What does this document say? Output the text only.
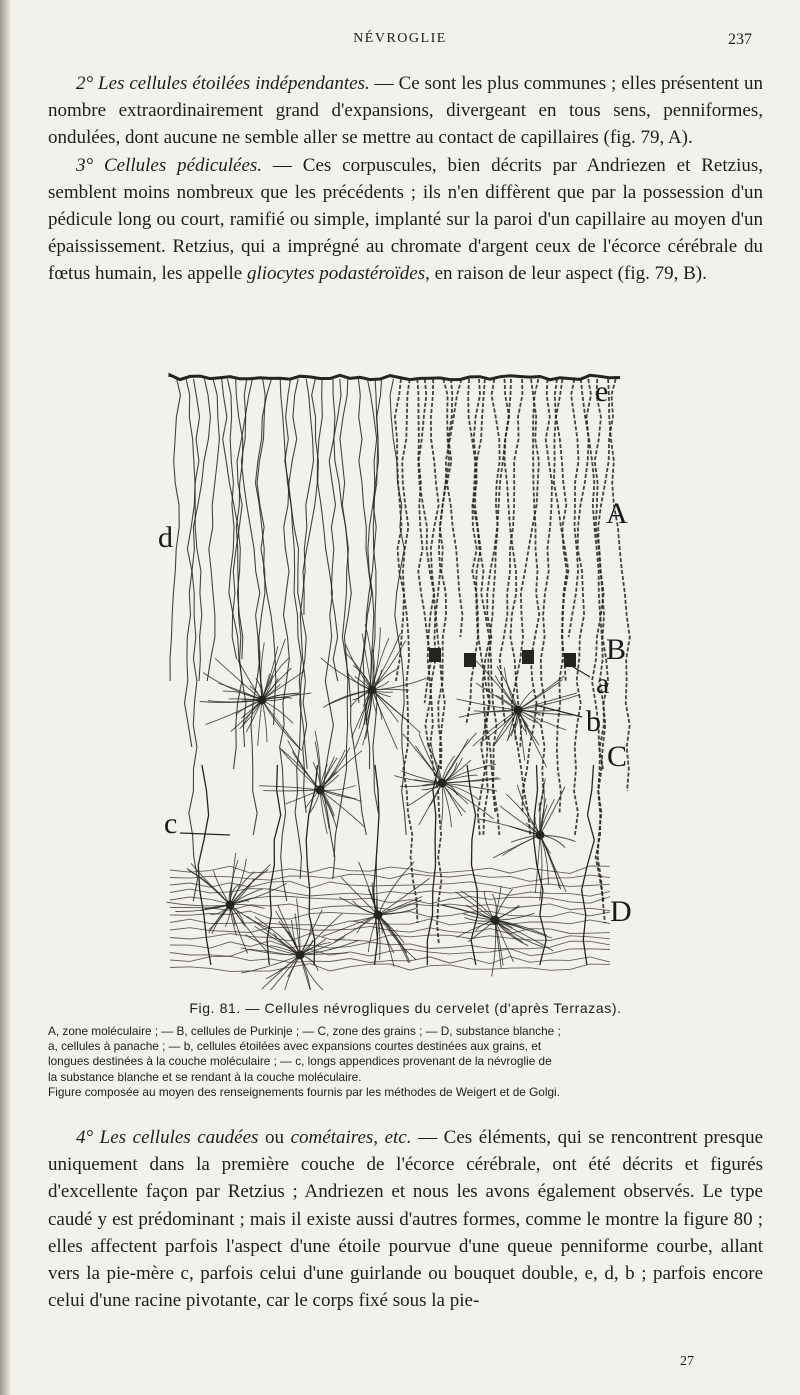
NÉVROGLIE	237

2° Les cellules étoilées indépendantes. — Ce sont les plus communes ; elles présentent un nombre extraordinairement grand d'expansions, divergeant en tous sens, penniformes, ondulées, dont aucune ne semble aller se mettre au contact de capillaires (fig. 79, A).

3° Cellules pédiculées. — Ces corpuscules, bien décrits par Andriezen et Retzius, semblent moins nombreux que les précédents ; ils n'en diffèrent que par la possession d'un pédicule long ou court, ramifié ou simple, implanté sur la paroi d'un capillaire au moyen d'un épaississement. Retzius, qui a imprégné au chromate d'argent ceux de l'écorce cérébrale du fœtus humain, les appelle gliocytes podastéroïdes, en raison de leur aspect (fig. 79, B).

e
A
d
B
a
b
C
c
D
Fig. 81. — Cellules névrogliques du cervelet (d'après Terrazas).
A, zone moléculaire ; — B, cellules de Purkinje ; — C, zone des grains ; — D, substance blanche ;
a, cellules à panache ; — b, cellules étoilées avec expansions courtes destinées aux grains, et
longues destinées à la couche moléculaire ; — c, longs appendices provenant de la névroglie de
la substance blanche et se rendant à la couche moléculaire.
Figure composée au moyen des renseignements fournis par les méthodes de Weigert et de Golgi.

4° Les cellules caudées ou cométaires, etc. — Ces éléments, qui se rencontrent presque uniquement dans la première couche de l'écorce cérébrale, ont été décrits et figurés d'excellente façon par Retzius ; Andriezen et nous les avons également observés. Le type caudé y est prédominant ; mais il existe aussi d'autres formes, comme le montre la figure 80 ; elles affectent parfois l'aspect d'une étoile pourvue d'une queue penniforme courbe, allant vers la pie-mère c, parfois celui d'une guirlande ou bouquet double, e, d, b ; parfois encore celui d'une racine pivotante, car le corps fixé sous la pie-

27
